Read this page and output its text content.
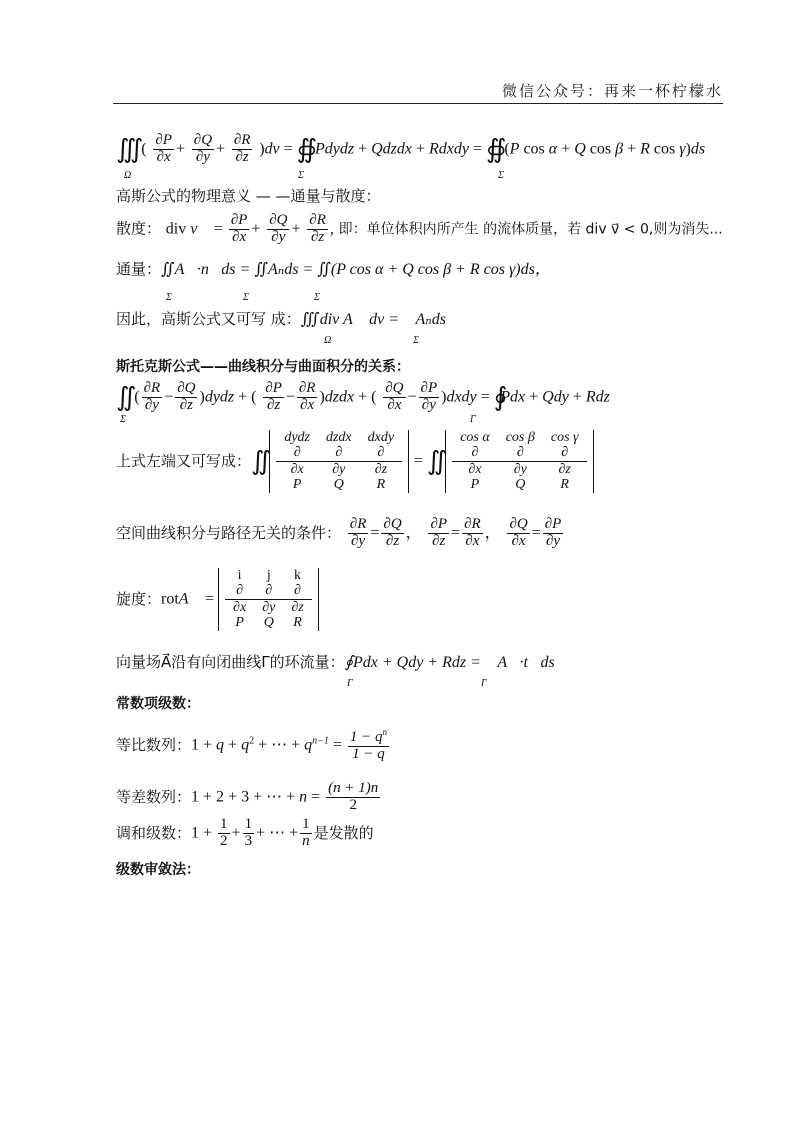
微信公众号：再来一杯柠檬水
∭
Ω
( $\frac{\partial P}{\partial x} + \frac{\partial Q}{\partial y} + \frac{\partial R}{\partial z} )dv$ = ∯
Σ
Pdydz + Qdzdx + Rdxdy = ∯
Σ
(P cos α + Q cos β + R cos γ)ds
高斯公式的物理意义 — —通量与散度：
散度： div v⃗ = $\frac{\partial P}{\partial x} + \frac{\partial Q}{\partial y} + \frac{\partial R}{\partial z}$ , 即：单位体积内所产生 的流体质量，若 div v⃗ < 0,则为消失...
通量：∬A⃗·n⃗ds = ∬Aₙds = ∬(P cos α + Q cos β + R cos γ)ds，
Σ	Σ	Σ
因此，高斯公式又可写 成：∭div A⃗ dv = ∯Aₙds
Ω	Σ
斯托克斯公式——曲线积分与曲面积分的关系：
∬ ( $\frac{\partial R}{\partial y} - \frac{\partial Q}{\partial z}$ )dydz + ( $\frac{\partial P}{\partial z} - \frac{\partial R}{\partial x}$ )dzdx + ( $\frac{\partial Q}{\partial x} - \frac{\partial P}{\partial y}$ )dxdy = ∮Pdx + Qdy + Rdz
Σ	Γ
上式左端又可写成：∬
dydz	dzdx	dxdy
∂	∂	∂
∂x	∂y	∂z
P	Q	R
= ∬
cos α	cos β	cos γ
∂	∂	∂
∂x	∂y	∂z
P	Q	R
空间曲线积分与路径无关的条件： $\frac{\partial R}{\partial y} = \frac{\partial Q}{\partial z}$ ， $\frac{\partial P}{\partial z} = \frac{\partial R}{\partial x}$ ， $\frac{\partial Q}{\partial x} = \frac{\partial P}{\partial y}$
旋度：rotA⃗ =
i	j	k
∂	∂	∂
∂x	∂y	∂z
P	Q	R
向量场A⃗沿有向闭曲线Γ的环流量：∮Pdx + Qdy + Rdz = ∮A⃗·t⃗ds
Γ	Γ
常数项级数：
等比数列：$1 + q + q^2$ + ⋯ + $q^{n-1} = \frac{1 - q^n}{1 - q}$
等差数列：1 + 2 + 3 + ⋯ + $n = \frac{(n + 1)n}{2}$
调和级数：$1 + \frac{1}{2} + \frac{1}{3}$ + ⋯ + $\frac{1}{n}$ 是发散的
级数审敛法：
